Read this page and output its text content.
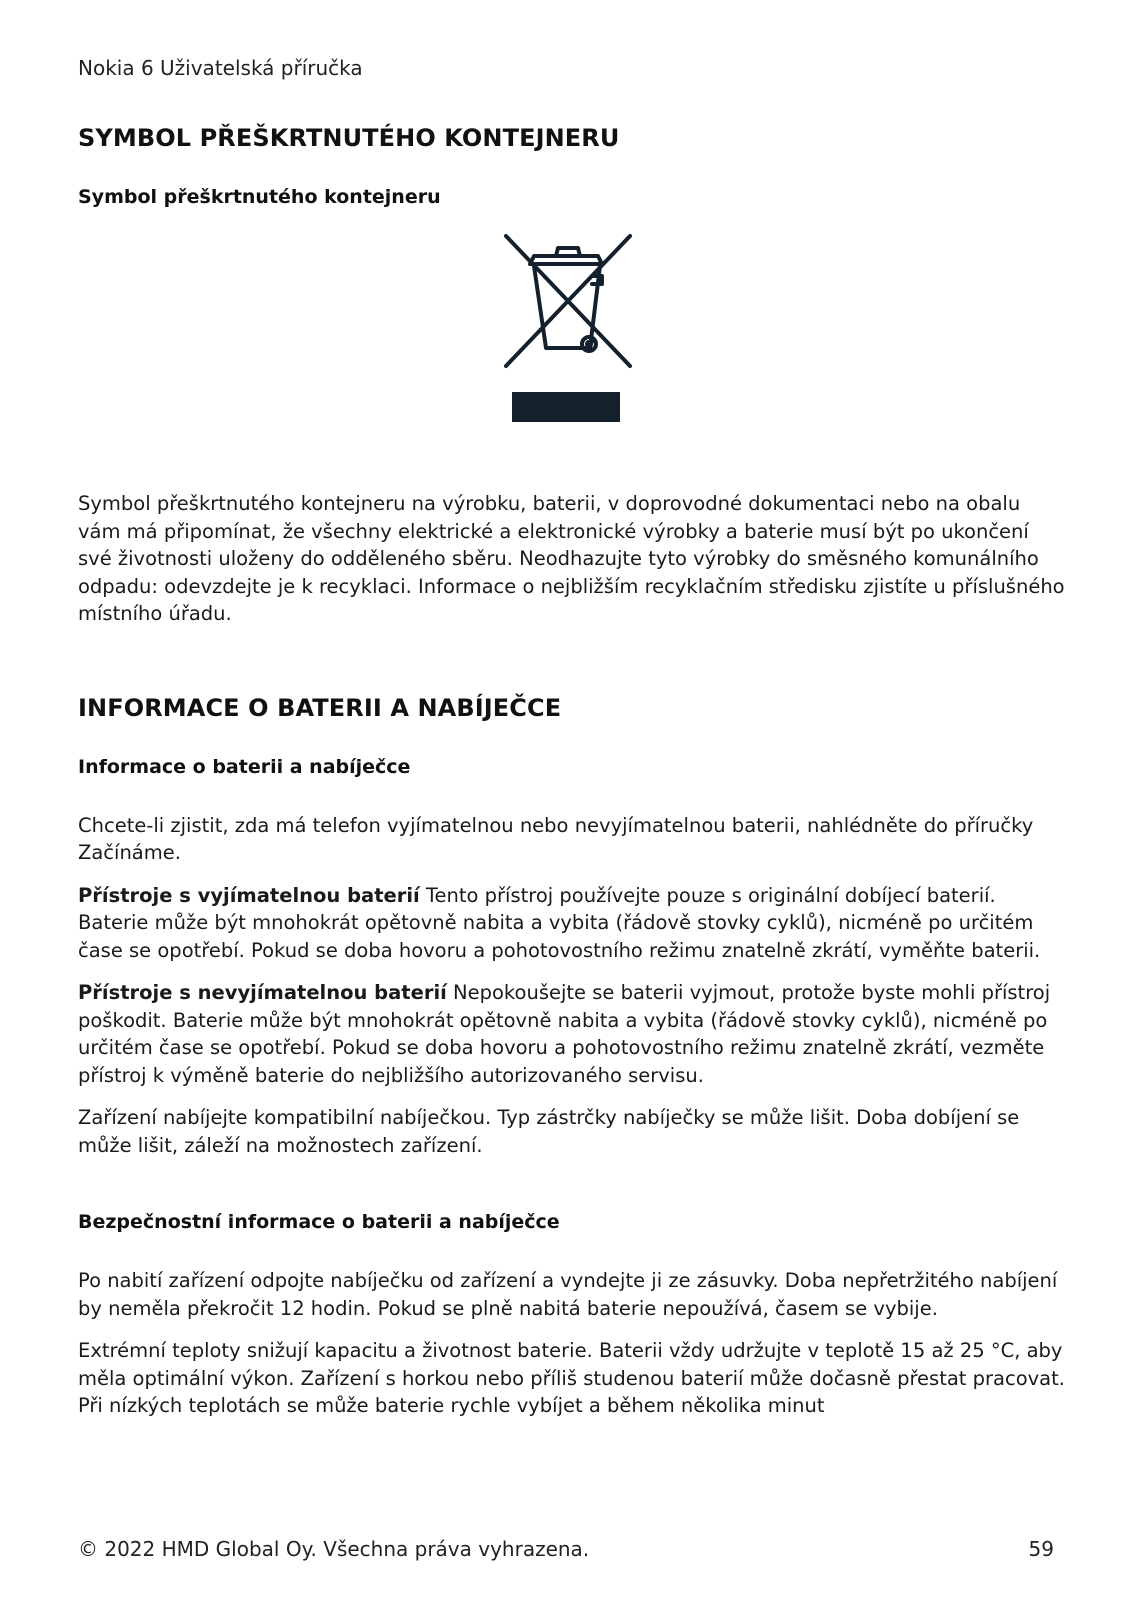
Nokia 6 Uživatelská příručka
SYMBOL PŘEŠKRTNUTÉHO KONTEJNERU
Symbol přeškrtnutého kontejneru

Symbol přeškrtnutého kontejneru na výrobku, baterii, v doprovodné dokumentaci nebo na obalu vám má připomínat, že všechny elektrické a elektronické výrobky a baterie musí být po ukončení své životnosti uloženy do odděleného sběru. Neodhazujte tyto výrobky do směsného komunálního odpadu: odevzdejte je k recyklaci. Informace o nejbližším recyklačním středisku zjistíte u příslušného místního úřadu.

INFORMACE O BATERII A NABÍJEČCE
Informace o baterii a nabíječce

Chcete-li zjistit, zda má telefon vyjímatelnou nebo nevyjímatelnou baterii, nahlédněte do příručky Začínáme.

Přístroje s vyjímatelnou baterií Tento přístroj používejte pouze s originální dobíjecí baterií. Baterie může být mnohokrát opětovně nabita a vybita (řádově stovky cyklů), nicméně po určitém čase se opotřebí. Pokud se doba hovoru a pohotovostního režimu znatelně zkrátí, vyměňte baterii.

Přístroje s nevyjímatelnou baterií Nepokoušejte se baterii vyjmout, protože byste mohli přístroj poškodit. Baterie může být mnohokrát opětovně nabita a vybita (řádově stovky cyklů), nicméně po určitém čase se opotřebí. Pokud se doba hovoru a pohotovostního režimu znatelně zkrátí, vezměte přístroj k výměně baterie do nejbližšího autorizovaného servisu.

Zařízení nabíjejte kompatibilní nabíječkou. Typ zástrčky nabíječky se může lišit. Doba dobíjení se může lišit, záleží na možnostech zařízení.

Bezpečnostní informace o baterii a nabíječce

Po nabití zařízení odpojte nabíječku od zařízení a vyndejte ji ze zásuvky. Doba nepřetržitého nabíjení by neměla překročit 12 hodin. Pokud se plně nabitá baterie nepoužívá, časem se vybije.

Extrémní teploty snižují kapacitu a životnost baterie. Baterii vždy udržujte v teplotě 15 až 25 °C, aby měla optimální výkon. Zařízení s horkou nebo příliš studenou baterií může dočasně přestat pracovat. Při nízkých teplotách se může baterie rychle vybíjet a během několika minut

© 2022 HMD Global Oy. Všechna práva vyhrazena.	59
